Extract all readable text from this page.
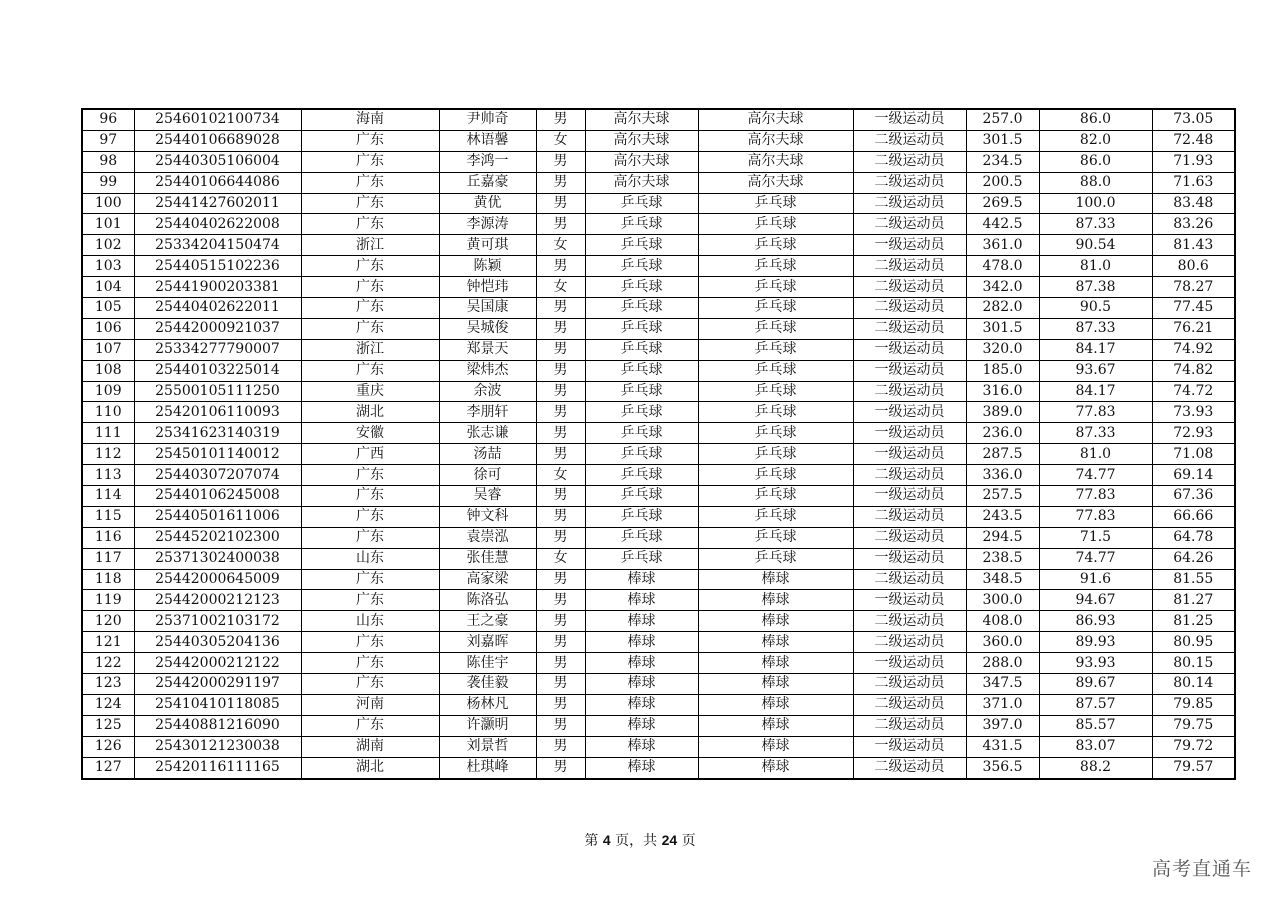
96	25460102100734	海南	尹帅奇	男	高尔夫球	高尔夫球	一级运动员	257.0	86.0	73.05
97	25440106689028	广东	林语馨	女	高尔夫球	高尔夫球	二级运动员	301.5	82.0	72.48
98	25440305106004	广东	李鸿一	男	高尔夫球	高尔夫球	二级运动员	234.5	86.0	71.93
99	25440106644086	广东	丘嘉豪	男	高尔夫球	高尔夫球	二级运动员	200.5	88.0	71.63
100	25441427602011	广东	黄优	男	乒乓球	乒乓球	二级运动员	269.5	100.0	83.48
101	25440402622008	广东	李源涛	男	乒乓球	乒乓球	二级运动员	442.5	87.33	83.26
102	25334204150474	浙江	黄可琪	女	乒乓球	乒乓球	一级运动员	361.0	90.54	81.43
103	25440515102236	广东	陈颖	男	乒乓球	乒乓球	二级运动员	478.0	81.0	80.6
104	25441900203381	广东	钟恺玮	女	乒乓球	乒乓球	二级运动员	342.0	87.38	78.27
105	25440402622011	广东	吴国康	男	乒乓球	乒乓球	二级运动员	282.0	90.5	77.45
106	25442000921037	广东	吴城俊	男	乒乓球	乒乓球	二级运动员	301.5	87.33	76.21
107	25334277790007	浙江	郑景天	男	乒乓球	乒乓球	一级运动员	320.0	84.17	74.92
108	25440103225014	广东	梁炜杰	男	乒乓球	乒乓球	一级运动员	185.0	93.67	74.82
109	25500105111250	重庆	余波	男	乒乓球	乒乓球	二级运动员	316.0	84.17	74.72
110	25420106110093	湖北	李朋轩	男	乒乓球	乒乓球	一级运动员	389.0	77.83	73.93
111	25341623140319	安徽	张志谦	男	乒乓球	乒乓球	一级运动员	236.0	87.33	72.93
112	25450101140012	广西	汤喆	男	乒乓球	乒乓球	一级运动员	287.5	81.0	71.08
113	25440307207074	广东	徐可	女	乒乓球	乒乓球	二级运动员	336.0	74.77	69.14
114	25440106245008	广东	吴睿	男	乒乓球	乒乓球	一级运动员	257.5	77.83	67.36
115	25440501611006	广东	钟文科	男	乒乓球	乒乓球	二级运动员	243.5	77.83	66.66
116	25445202102300	广东	袁崇泓	男	乒乓球	乒乓球	二级运动员	294.5	71.5	64.78
117	25371302400038	山东	张佳慧	女	乒乓球	乒乓球	一级运动员	238.5	74.77	64.26
118	25442000645009	广东	高家梁	男	棒球	棒球	二级运动员	348.5	91.6	81.55
119	25442000212123	广东	陈洛弘	男	棒球	棒球	一级运动员	300.0	94.67	81.27
120	25371002103172	山东	王之豪	男	棒球	棒球	二级运动员	408.0	86.93	81.25
121	25440305204136	广东	刘嘉晖	男	棒球	棒球	二级运动员	360.0	89.93	80.95
122	25442000212122	广东	陈佳宇	男	棒球	棒球	一级运动员	288.0	93.93	80.15
123	25442000291197	广东	袭佳毅	男	棒球	棒球	二级运动员	347.5	89.67	80.14
124	25410410118085	河南	杨林凡	男	棒球	棒球	二级运动员	371.0	87.57	79.85
125	25440881216090	广东	许灏明	男	棒球	棒球	二级运动员	397.0	85.57	79.75
126	25430121230038	湖南	刘景哲	男	棒球	棒球	一级运动员	431.5	83.07	79.72
127	25420116111165	湖北	杜琪峰	男	棒球	棒球	二级运动员	356.5	88.2	79.57
第 4 页，共 24 页
高考直通车
